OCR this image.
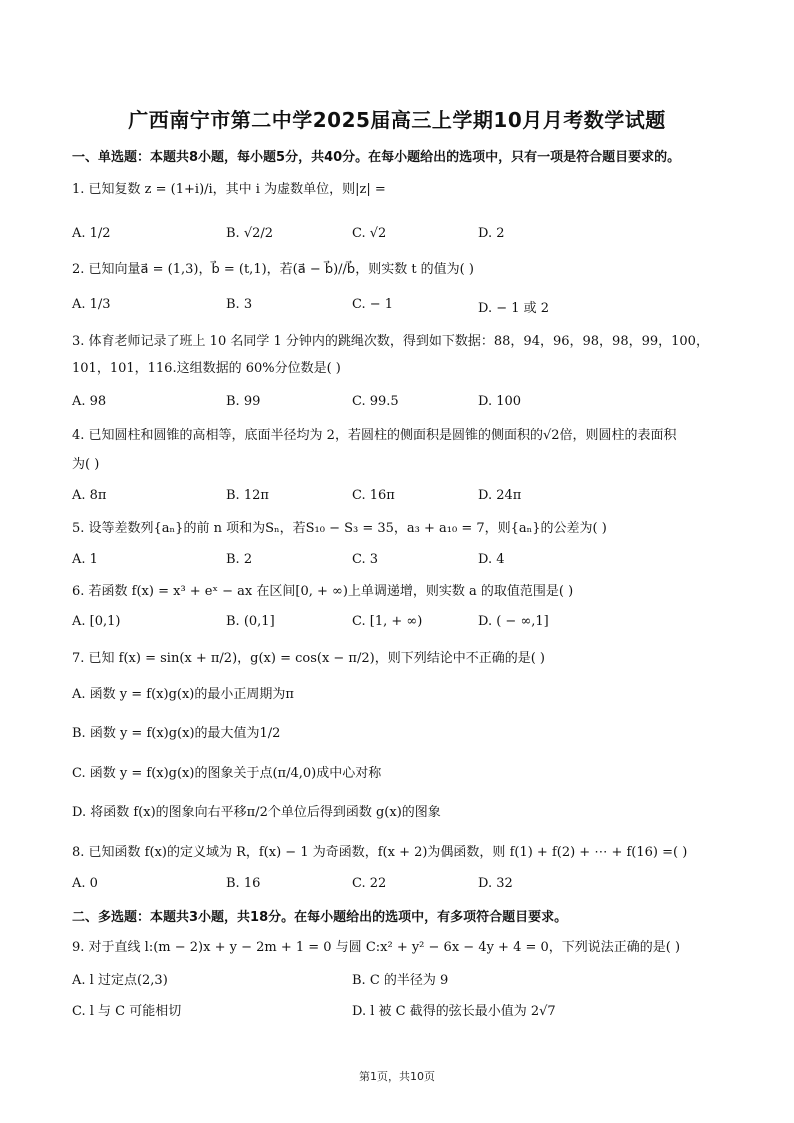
广西南宁市第二中学2025届高三上学期10月月考数学试题
一、单选题：本题共8小题，每小题5分，共40分。在每小题给出的选项中，只有一项是符合题目要求的。
1. 已知复数 z = (1+i)/i，其中 i 为虚数单位，则|z| =
A. 1/2	B. √2/2	C. √2	D. 2
2. 已知向量a⃗ = (1,3)，b⃗ = (t,1)，若(a⃗ − b⃗)//b⃗，则实数 t 的值为( )
A. 1/3	B. 3	C. − 1	D. − 1 或 2
3. 体育老师记录了班上 10 名同学 1 分钟内的跳绳次数，得到如下数据：88，94，96，98，98，99，100，
101，101，116.这组数据的 60%分位数是( )
A. 98	B. 99	C. 99.5	D. 100
4. 已知圆柱和圆锥的高相等，底面半径均为 2，若圆柱的侧面积是圆锥的侧面积的√2倍，则圆柱的表面积
为( )
A. 8π	B. 12π	C. 16π	D. 24π
5. 设等差数列{aₙ}的前 n 项和为Sₙ，若S₁₀ − S₃ = 35，a₃ + a₁₀ = 7，则{aₙ}的公差为( )
A. 1	B. 2	C. 3	D. 4
6. 若函数 f(x) = x³ + eˣ − ax 在区间[0, + ∞)上单调递增，则实数 a 的取值范围是( )
A. [0,1)	B. (0,1]	C. [1, + ∞)	D. ( − ∞,1]
7. 已知 f(x) = sin(x + π/2)，g(x) = cos(x − π/2)，则下列结论中不正确的是( )
A. 函数 y = f(x)g(x)的最小正周期为π
B. 函数 y = f(x)g(x)的最大值为1/2
C. 函数 y = f(x)g(x)的图象关于点(π/4,0)成中心对称
D. 将函数 f(x)的图象向右平移π/2个单位后得到函数 g(x)的图象
8. 已知函数 f(x)的定义域为 R，f(x) − 1 为奇函数，f(x + 2)为偶函数，则 f(1) + f(2) + ⋯ + f(16) =( )
A. 0	B. 16	C. 22	D. 32
二、多选题：本题共3小题，共18分。在每小题给出的选项中，有多项符合题目要求。
9. 对于直线 l:(m − 2)x + y − 2m + 1 = 0 与圆 C:x² + y² − 6x − 4y + 4 = 0，下列说法正确的是( )
A. l 过定点(2,3)	B. C 的半径为 9
C. l 与 C 可能相切	D. l 被 C 截得的弦长最小值为 2√7
第1页，共10页
